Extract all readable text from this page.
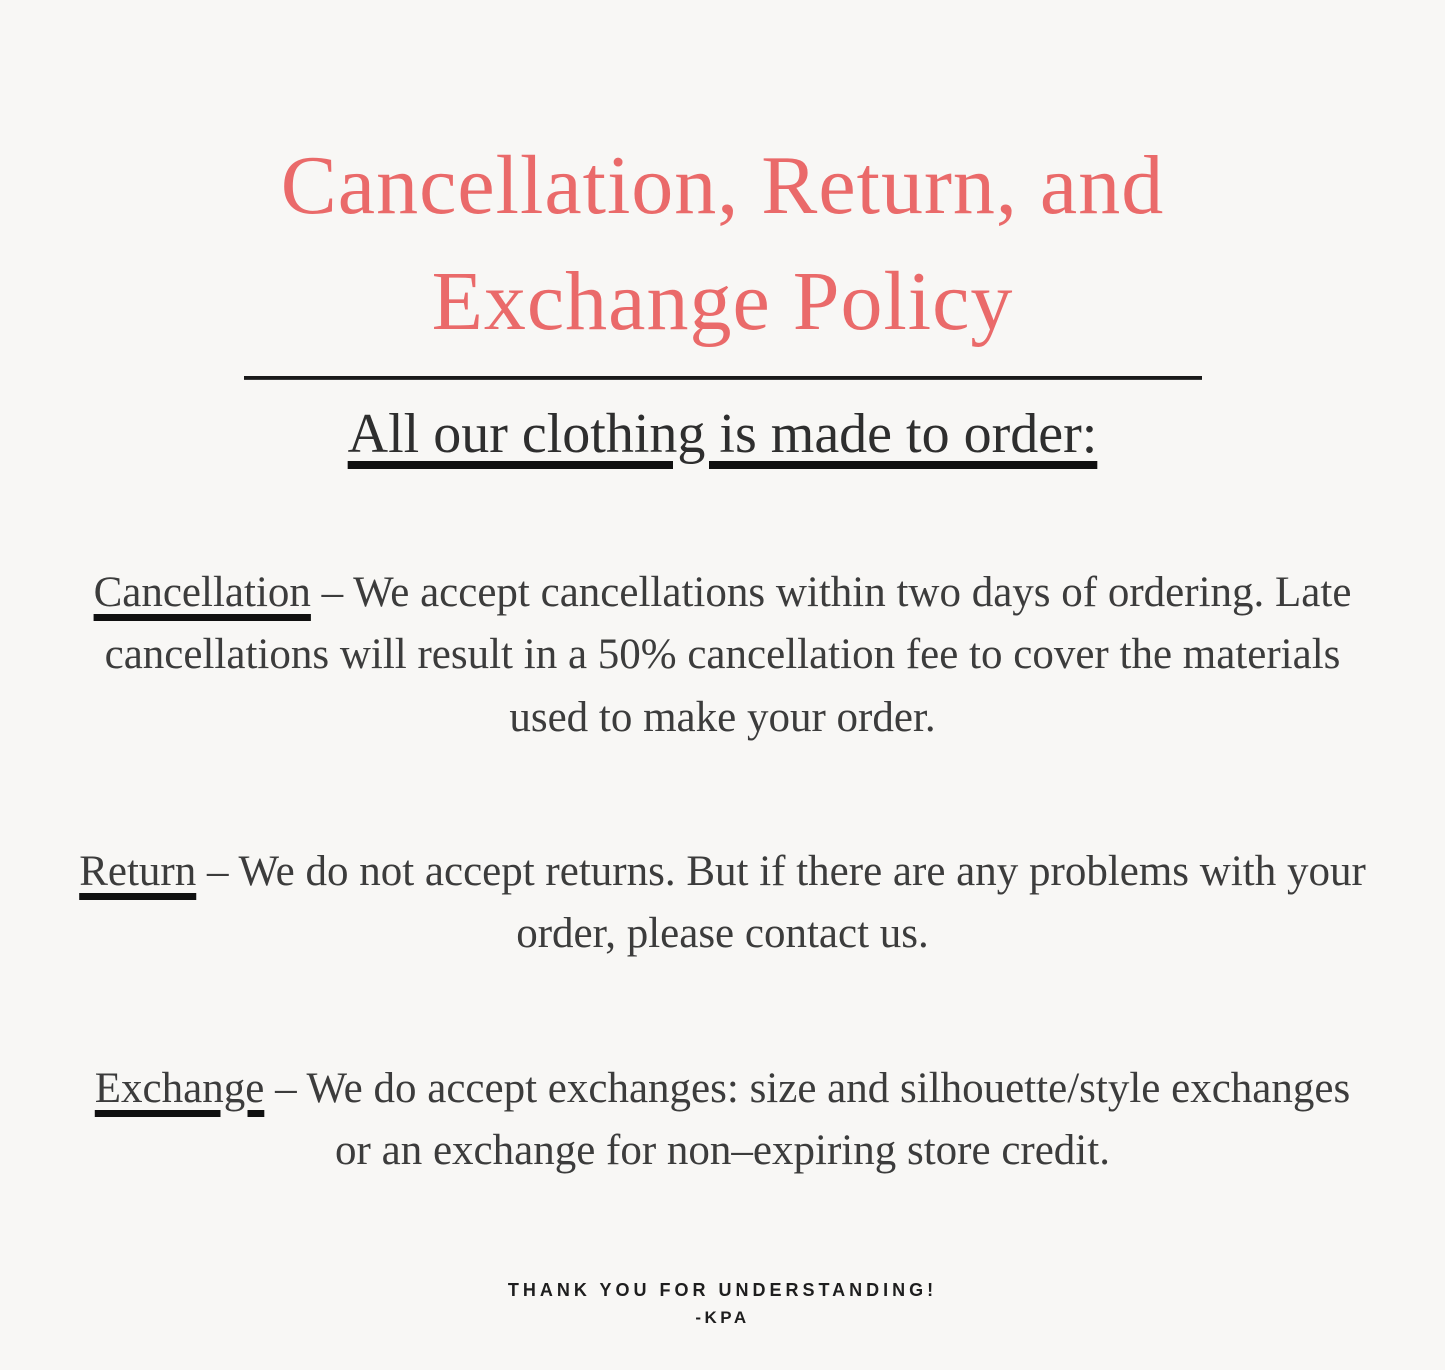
Cancellation, Return, and Exchange Policy
All our clothing is made to order:

Cancellation – We accept cancellations within two days of ordering. Late cancellations will result in a 50% cancellation fee to cover the materials used to make your order.

Return – We do not accept returns. But if there are any problems with your order, please contact us.

Exchange – We do accept exchanges: size and silhouette/style exchanges or an exchange for non–expiring store credit.

THANK YOU FOR UNDERSTANDING!
-KPA
